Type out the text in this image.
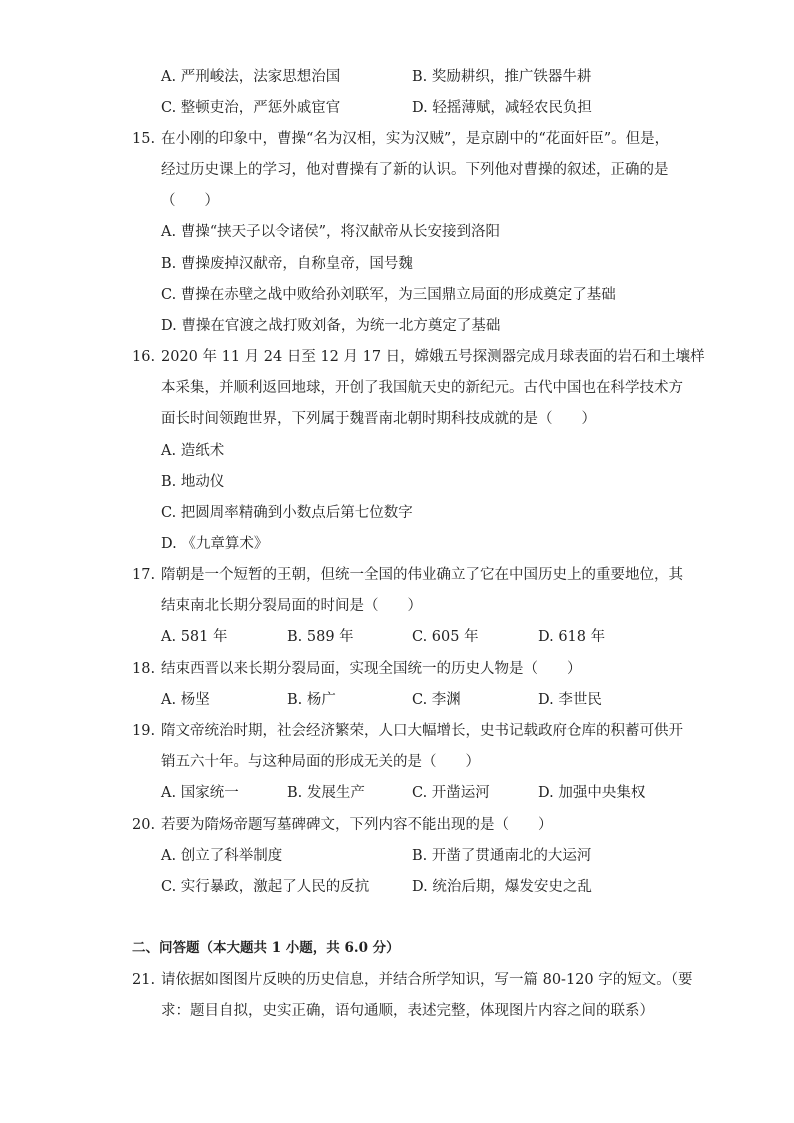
A. 严刑峻法，法家思想治国	B. 奖励耕织，推广铁器牛耕
C. 整顿吏治，严惩外戚宦官	D. 轻摇薄赋，减轻农民负担
15. 在小刚的印象中，曹操“名为汉相，实为汉贼”，是京剧中的“花面奸臣”。但是，
经过历史课上的学习，他对曹操有了新的认识。下列他对曹操的叙述，正确的是
（　　）
A. 曹操“挟天子以令诸侯”，将汉献帝从长安接到洛阳
B. 曹操废掉汉献帝，自称皇帝，国号魏
C. 曹操在赤壁之战中败给孙刘联军，为三国鼎立局面的形成奠定了基础
D. 曹操在官渡之战打败刘备，为统一北方奠定了基础
16. 2020 年 11 月 24 日至 12 月 17 日，嫦娥五号探测器完成月球表面的岩石和土壤样
本采集，并顺利返回地球，开创了我国航天史的新纪元。古代中国也在科学技术方
面长时间领跑世界，下列属于魏晋南北朝时期科技成就的是（　　）
A. 造纸术
B. 地动仪
C. 把圆周率精确到小数点后第七位数字
D. 《九章算术》
17. 隋朝是一个短暂的王朝，但统一全国的伟业确立了它在中国历史上的重要地位，其
结束南北长期分裂局面的时间是（　　）
A. 581 年	B. 589 年	C. 605 年	D. 618 年
18. 结束西晋以来长期分裂局面，实现全国统一的历史人物是（　　）
A. 杨坚	B. 杨广	C. 李渊	D. 李世民
19. 隋文帝统治时期，社会经济繁荣，人口大幅增长，史书记载政府仓库的积蓄可供开
销五六十年。与这种局面的形成无关的是（　　）
A. 国家统一	B. 发展生产	C. 开凿运河	D. 加强中央集权
20. 若要为隋炀帝题写墓碑碑文，下列内容不能出现的是（　　）
A. 创立了科举制度	B. 开凿了贯通南北的大运河
C. 实行暴政，激起了人民的反抗	D. 统治后期，爆发安史之乱
二、问答题（本大题共 1 小题，共 6.0 分）
21. 请依据如图图片反映的历史信息，并结合所学知识，写一篇 80-120 字的短文。（要
求：题目自拟，史实正确，语句通顺，表述完整，体现图片内容之间的联系）
